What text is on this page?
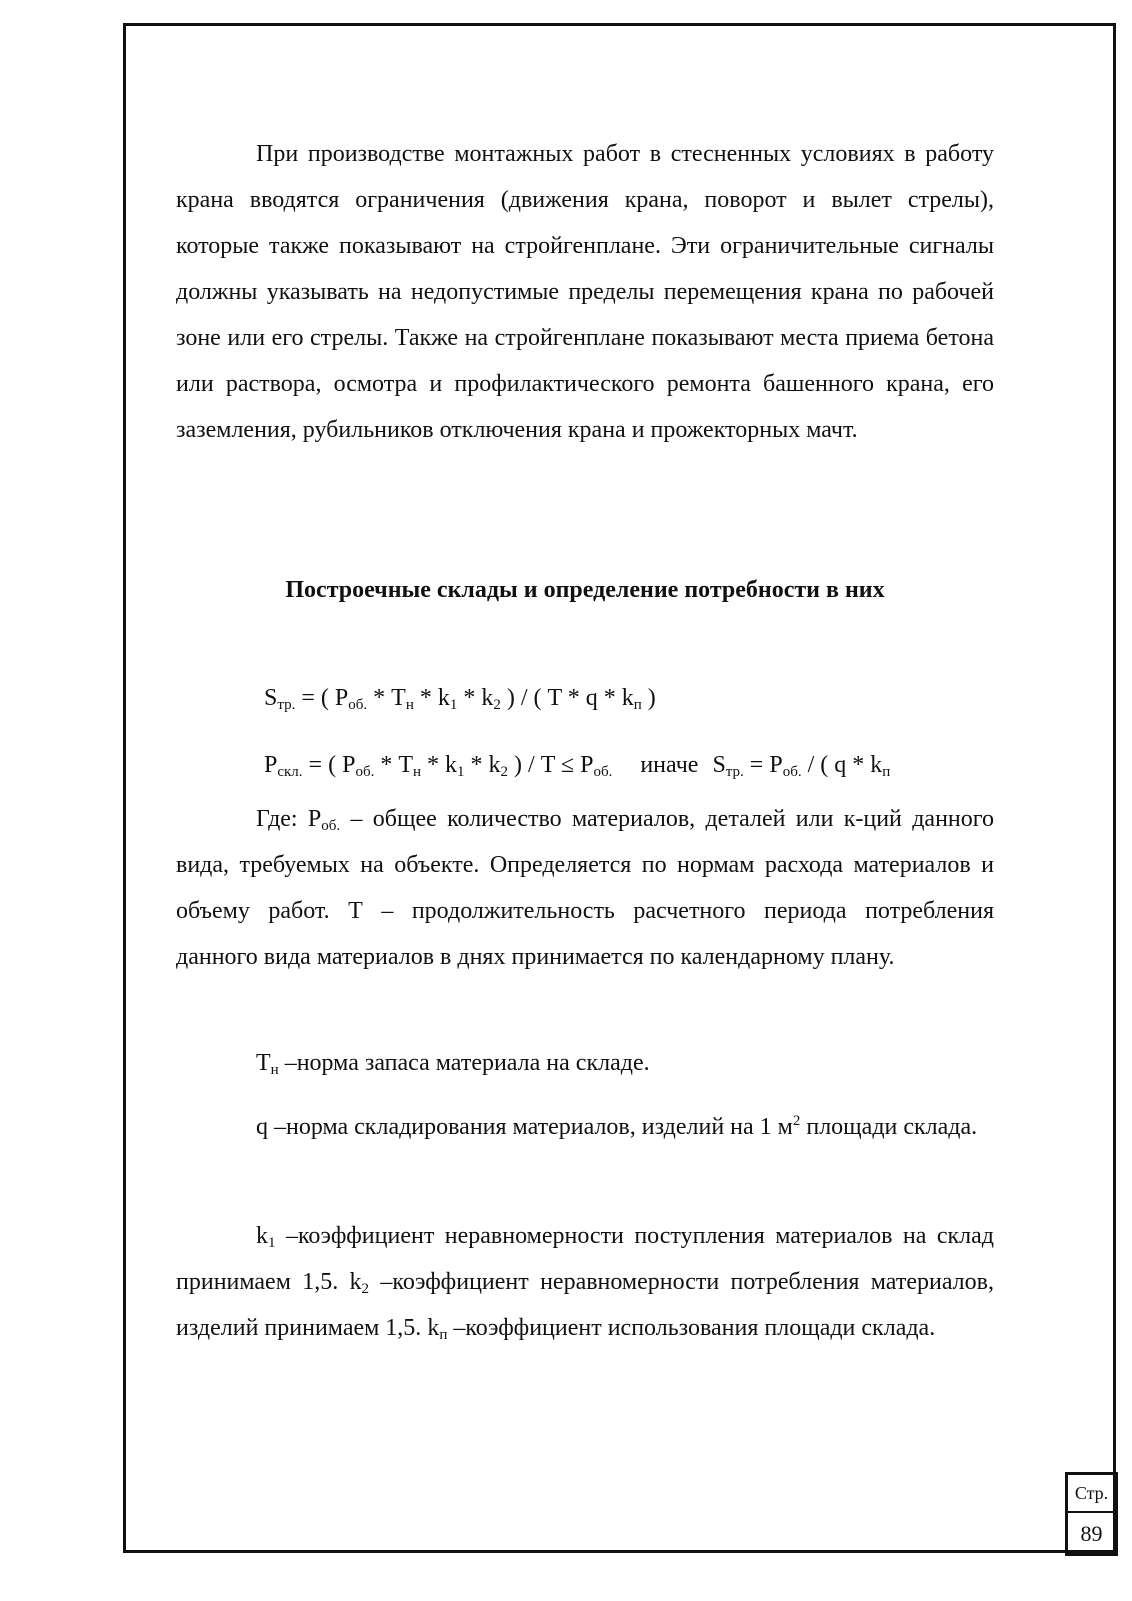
При производстве монтажных работ в стесненных условиях в работу крана вводятся ограничения (движения крана, поворот и вылет стрелы), которые также показывают на стройгенплане. Эти ограничительные сигналы должны указывать на недопустимые пределы перемещения крана по рабочей зоне или его стрелы. Также на стройгенплане показывают места приема бетона или раствора, осмотра и профилактического ремонта башенного крана, его заземления, рубильников отключения крана и прожекторных мачт.

Построечные склады и определение потребности в них
$S_{тр.}$ = ( $P_{об.} * T_н * k_1 * k_2$ ) / ( T * q * $k_п$ )
$P_{скл.}$ = ( $P_{об.} * T_н * k_1 * k_2$ ) / $T \le P_{об.}$ иначе $S_{тр.} = P_{об.}$ / ( q * $k_п$

Где: $P_{об.}$ – общее количество материалов, деталей или к-ций данного вида, требуемых на объекте. Определяется по нормам расхода материалов и объему работ. Т – продолжительность расчетного периода потребления данного вида материалов в днях принимается по календарному плану.

$Т_н$ –норма запаса материала на складе.

q –норма складирования материалов, изделий на 1 $м^2$ площади склада.

$k_1$ –коэффициент неравномерности поступления материалов на склад принимаем 1,5. $k_2$ –коэффициент неравномерности потребления материалов, изделий принимаем 1,5. $k_п$ –коэффициент использования площади склада.

Стр.
89
